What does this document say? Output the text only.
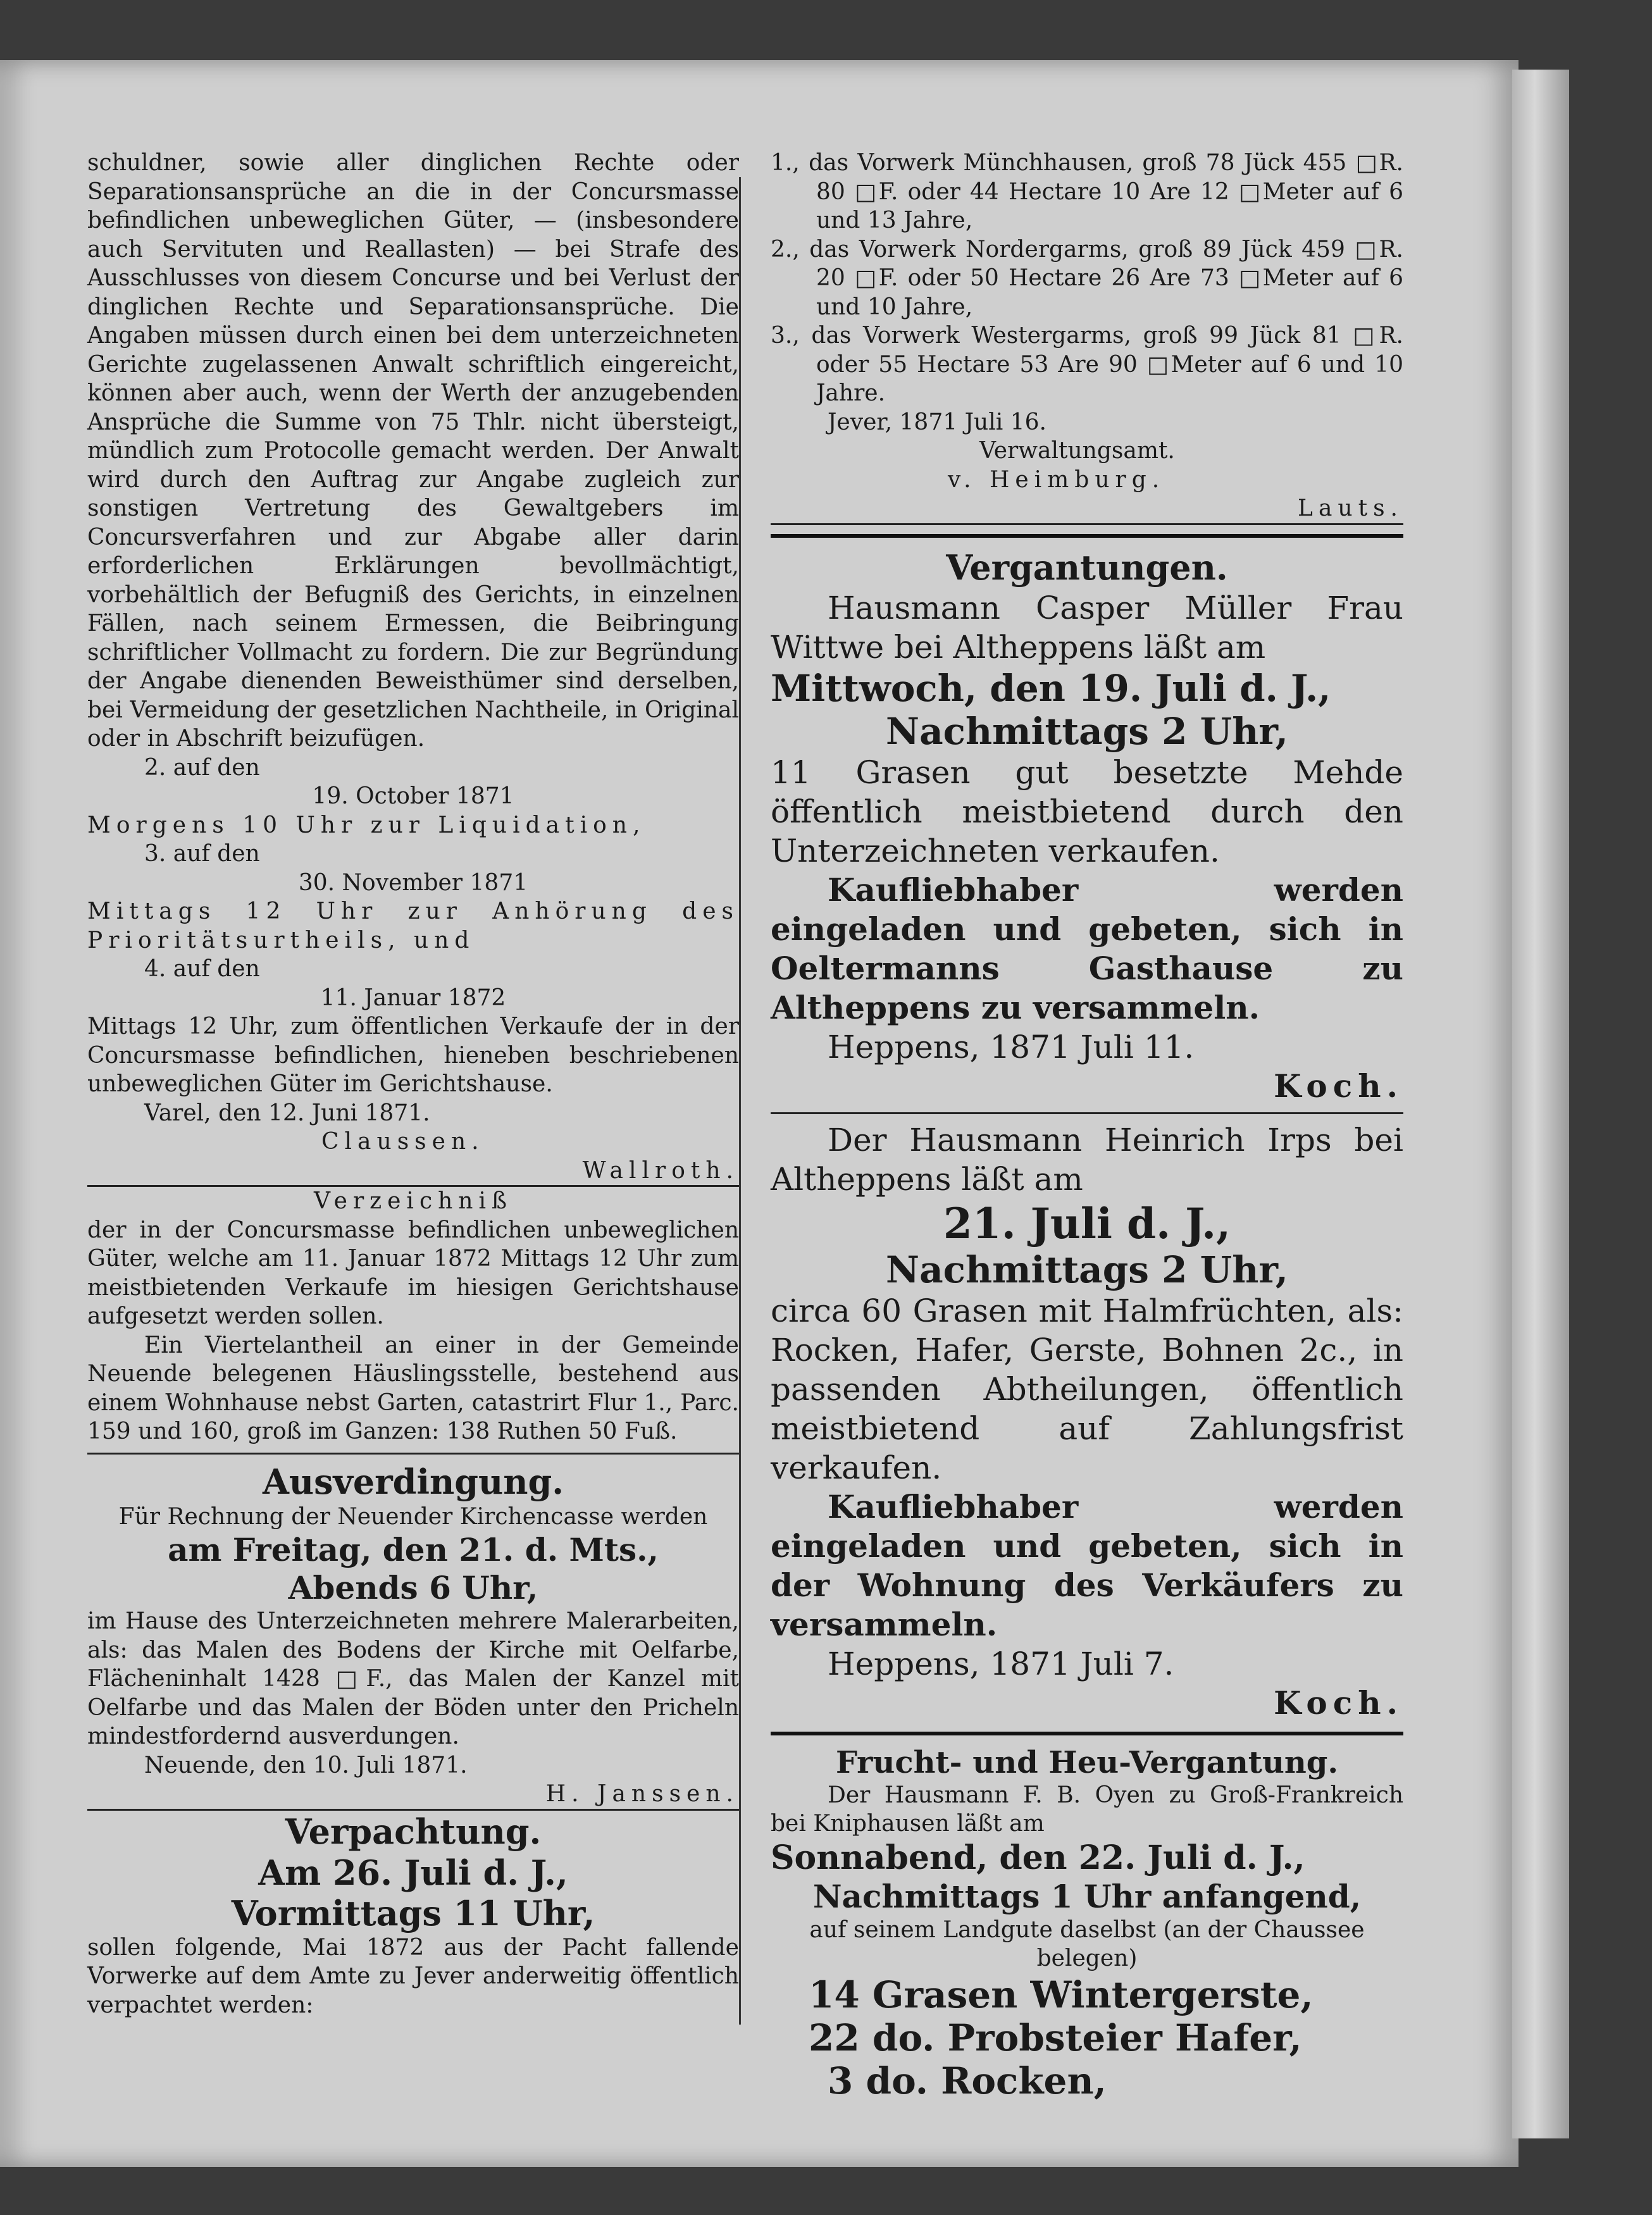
schuldner, sowie aller dinglichen Rechte oder Separationsansprüche an die in der Concursmasse befindlichen unbeweglichen Güter, — (insbesondere auch Servituten und Reallasten) — bei Strafe des Ausschlusses von diesem Concurse und bei Verlust der dinglichen Rechte und Separationsansprüche. Die Angaben müssen durch einen bei dem unterzeichneten Gerichte zugelassenen Anwalt schriftlich eingereicht, können aber auch, wenn der Werth der anzugebenden Ansprüche die Summe von 75 Thlr. nicht übersteigt, mündlich zum Protocolle gemacht werden. Der Anwalt wird durch den Auftrag zur Angabe zugleich zur sonstigen Vertretung des Gewaltgebers im Concursverfahren und zur Abgabe aller darin erforderlichen Erklärungen bevollmächtigt, vorbehältlich der Befugniß des Gerichts, in einzelnen Fällen, nach seinem Ermessen, die Beibringung schriftlicher Vollmacht zu fordern. Die zur Begründung der Angabe dienenden Beweisthümer sind derselben, bei Vermeidung der gesetzlichen Nachtheile, in Original oder in Abschrift beizufügen.

2. auf den

19. October 1871

Morgens 10 Uhr zur Liquidation,

3. auf den

30. November 1871

Mittags 12 Uhr zur Anhörung des Prioritätsurtheils, und

4. auf den

11. Januar 1872

Mittags 12 Uhr, zum öffentlichen Verkaufe der in der Concursmasse befindlichen, hieneben beschriebenen unbeweglichen Güter im Gerichtshause.

Varel, den 12. Juni 1871.

Claussen.

Wallroth.

Verzeichniß

der in der Concursmasse befindlichen unbeweglichen Güter, welche am 11. Januar 1872 Mittags 12 Uhr zum meistbietenden Verkaufe im hiesigen Gerichtshause aufgesetzt werden sollen.

Ein Viertelantheil an einer in der Gemeinde Neuende belegenen Häuslingsstelle, bestehend aus einem Wohnhause nebst Garten, catastrirt Flur 1., Parc. 159 und 160, groß im Ganzen: 138 Ruthen 50 Fuß.

Ausverdingung.

Für Rechnung der Neuender Kirchencasse werden

am Freitag, den 21. d. Mts.,

Abends 6 Uhr,

im Hause des Unterzeichneten mehrere Malerarbeiten, als: das Malen des Bodens der Kirche mit Oelfarbe, Flächeninhalt 1428 □F., das Malen der Kanzel mit Oelfarbe und das Malen der Böden unter den Pricheln mindestfordernd ausverdungen.

Neuende, den 10. Juli 1871.

H. Janssen.

Verpachtung.

Am 26. Juli d. J.,

Vormittags 11 Uhr,

sollen folgende, Mai 1872 aus der Pacht fallende Vorwerke auf dem Amte zu Jever anderweitig öffentlich verpachtet werden:

1., das Vorwerk Münchhausen, groß 78 Jück 455 □R. 80 □F. oder 44 Hectare 10 Are 12 □Meter auf 6 und 13 Jahre,

2., das Vorwerk Nordergarms, groß 89 Jück 459 □R. 20 □F. oder 50 Hectare 26 Are 73 □Meter auf 6 und 10 Jahre,

3., das Vorwerk Westergarms, groß 99 Jück 81 □R. oder 55 Hectare 53 Are 90 □Meter auf 6 und 10 Jahre.

Jever, 1871 Juli 16.

Verwaltungsamt.

v. Heimburg.

Lauts.

Vergantungen.

Hausmann Casper Müller Frau Wittwe bei Altheppens läßt am

Mittwoch, den 19. Juli d. J.,

Nachmittags 2 Uhr,

11 Grasen gut besetzte Mehde öffentlich meistbietend durch den Unterzeichneten verkaufen.

Kaufliebhaber werden eingeladen und gebeten, sich in Oeltermanns Gasthause zu Altheppens zu versammeln.

Heppens, 1871 Juli 11.

Koch.

Der Hausmann Heinrich Irps bei Altheppens läßt am

21. Juli d. J.,

Nachmittags 2 Uhr,

circa 60 Grasen mit Halmfrüchten, als: Rocken, Hafer, Gerste, Bohnen 2c., in passenden Abtheilungen, öffentlich meistbietend auf Zahlungsfrist verkaufen.

Kaufliebhaber werden eingeladen und gebeten, sich in der Wohnung des Verkäufers zu versammeln.

Heppens, 1871 Juli 7.

Koch.

Frucht- und Heu-Vergantung.

Der Hausmann F. B. Oyen zu Groß-Frankreich bei Kniphausen läßt am

Sonnabend, den 22. Juli d. J.,

Nachmittags 1 Uhr anfangend,

auf seinem Landgute daselbst (an der Chaussee belegen)

14 Grasen Wintergerste,

22 do. Probsteier Hafer,

3 do. Rocken,
